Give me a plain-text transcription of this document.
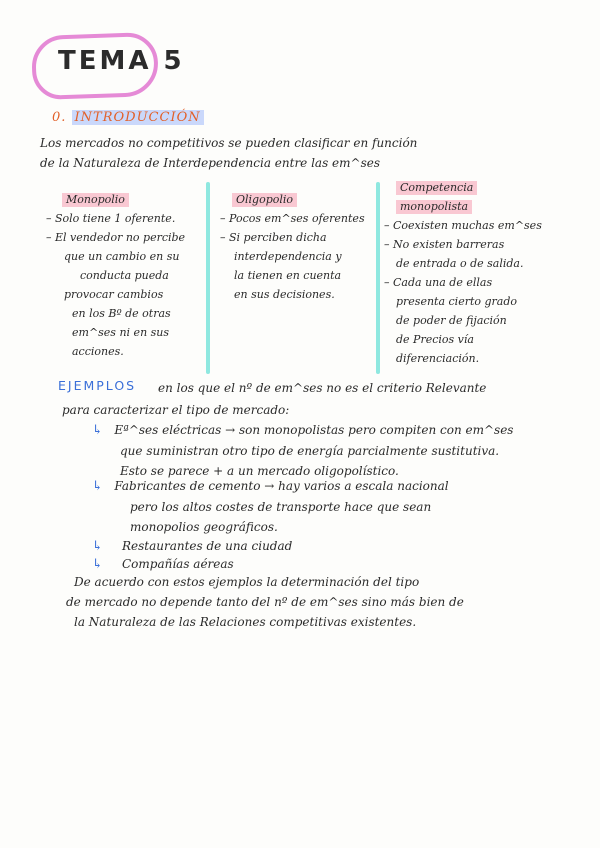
TEMA 5
0. INTRODUCCIÓN

Los mercados no competitivos se pueden clasificar en función

de la Naturaleza de Interdependencia entre las em^ses

Monopolio

– Solo tiene 1 oferente.

– El vendedor no percibe

que un cambio en su

conducta pueda

provocar cambios

en los Bº de otras

em^ses ni en sus

acciones.

Oligopolio

– Pocos em^ses oferentes

– Si perciben dicha

interdependencia y

la tienen en cuenta

en sus decisiones.

Competencia
monopolista

– Coexisten muchas em^ses

– No existen barreras

de entrada o de salida.

– Cada una de ellas

presenta cierto grado

de poder de fijación

de Precios vía

diferenciación.

EJEMPLOS en los que el nº de em^ses no es el criterio Relevante
para caracterizar el tipo de mercado:
↳ Eª^ses eléctricas → son monopolistas pero compiten con em^ses
que suministran otro tipo de energía parcialmente sustitutiva.
Esto se parece + a un mercado oligopolístico.
↳ Fabricantes de cemento → hay varios a escala nacional
pero los altos costes de transporte hace que sean
monopolios geográficos.
↳ Restaurantes de una ciudad
↳ Compañías aéreas
De acuerdo con estos ejemplos la determinación del tipo
de mercado no depende tanto del nº de em^ses sino más bien de
la Naturaleza de las Relaciones competitivas existentes.
